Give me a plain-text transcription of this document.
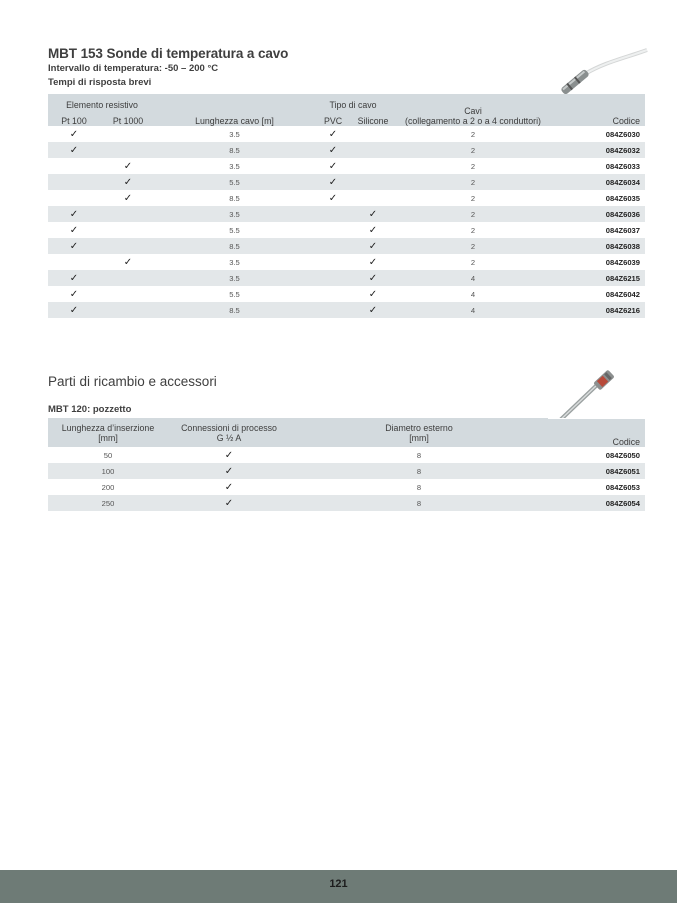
MBT 153 Sonde di temperatura a cavo
Intervallo di temperatura: -50 – 200 °C
Tempi di risposta brevi
Elemento resistivo			Tipo di cavo		Cavi
(collegamento a 2 o a 4 conduttori)	
Pt 100	Pt 1000	Lunghezza cavo [m]	PVC	Silicone		Codice
✓		3.5	✓		2	084Z6030
✓		8.5	✓		2	084Z6032
	✓	3.5	✓		2	084Z6033
	✓	5.5	✓		2	084Z6034
	✓	8.5	✓		2	084Z6035
✓		3.5		✓	2	084Z6036
✓		5.5		✓	2	084Z6037
✓		8.5		✓	2	084Z6038
	✓	3.5		✓	2	084Z6039
✓		3.5		✓	4	084Z6215
✓		5.5		✓	4	084Z6042
✓		8.5		✓	4	084Z6216
Parti di ricambio e accessori
MBT 120: pozzetto
Lunghezza d’inserzione
[mm]	Connessioni di processo
G ½ A	Diametro esterno
[mm]	Codice
50	✓	8	084Z6050
100	✓	8	084Z6051
200	✓	8	084Z6053
250	✓	8	084Z6054
121
